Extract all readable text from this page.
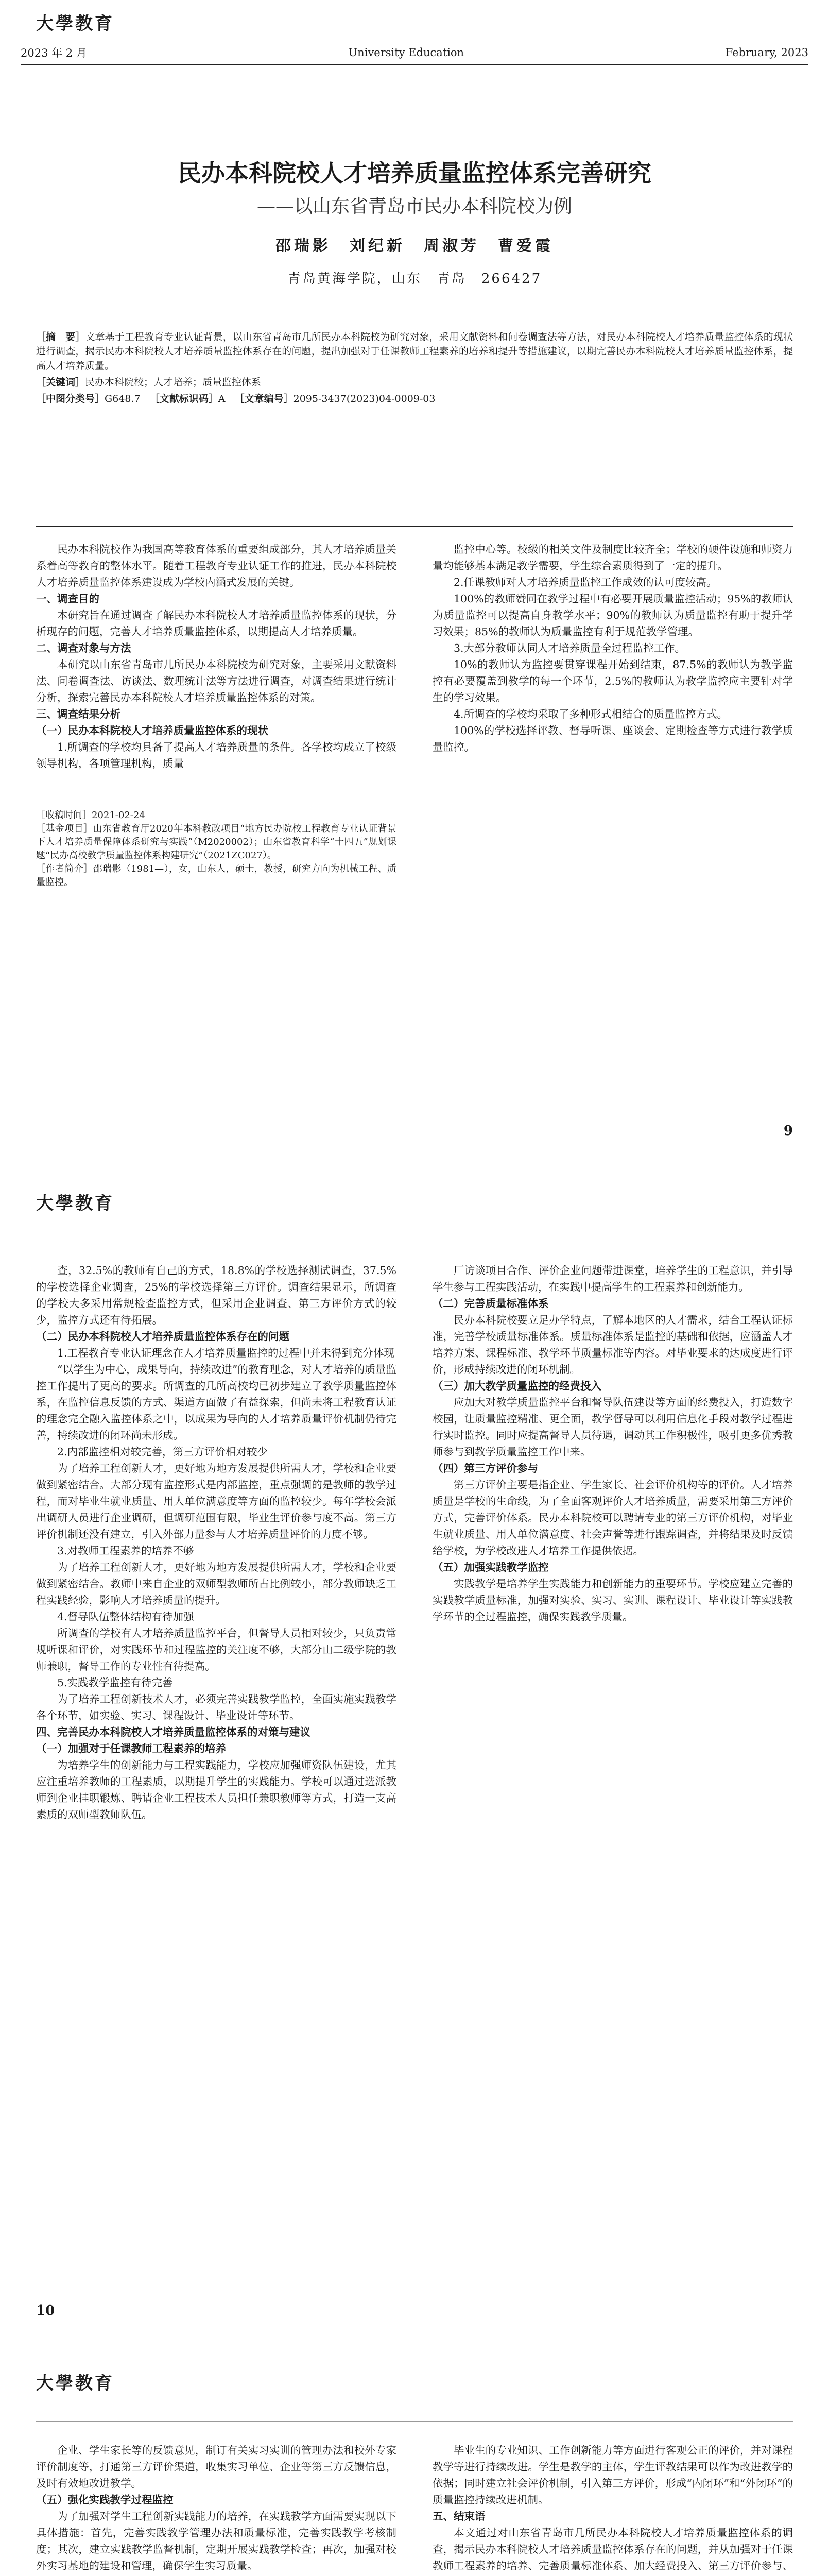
大學教育
2023 年 2 月	University Education	February, 2023
民办本科院校人才培养质量监控体系完善研究
——以山东省青岛市民办本科院校为例
邵瑞影　刘纪新　周淑芳　曹爱霞
青岛黄海学院，山东　青岛　266427

［摘　要］文章基于工程教育专业认证背景，以山东省青岛市几所民办本科院校为研究对象，采用文献资料和问卷调查法等方法，对民办本科院校人才培养质量监控体系的现状进行调查，揭示民办本科院校人才培养质量监控体系存在的问题，提出加强对于任课教师工程素养的培养和提升等措施建议，以期完善民办本科院校人才培养质量监控体系，提高人才培养质量。

［关键词］民办本科院校；人才培养；质量监控体系

［中图分类号］G648.7 ［文献标识码］A ［文章编号］2095-3437(2023)04-0009-03

民办本科院校作为我国高等教育体系的重要组成部分，其人才培养质量关系着高等教育的整体水平。随着工程教育专业认证工作的推进，民办本科院校人才培养质量监控体系建设成为学校内涵式发展的关键。

一、调查目的

本研究旨在通过调查了解民办本科院校人才培养质量监控体系的现状，分析现存的问题，完善人才培养质量监控体系，以期提高人才培养质量。

二、调查对象与方法

本研究以山东省青岛市几所民办本科院校为研究对象，主要采用文献资料法、问卷调查法、访谈法、数理统计法等方法进行调查，对调查结果进行统计分析，探索完善民办本科院校人才培养质量监控体系的对策。

三、调查结果分析

（一）民办本科院校人才培养质量监控体系的现状

1.所调查的学校均具备了提高人才培养质量的条件。各学校均成立了校级领导机构，各项管理机构，质量

监控中心等。校级的相关文件及制度比较齐全；学校的硬件设施和师资力量均能够基本满足教学需要，学生综合素质得到了一定的提升。

2.任课教师对人才培养质量监控工作成效的认可度较高。

100%的教师赞同在教学过程中有必要开展质量监控活动；95%的教师认为质量监控可以提高自身教学水平；90%的教师认为质量监控有助于提升学习效果；85%的教师认为质量监控有利于规范教学管理。

3.大部分教师认同人才培养质量全过程监控工作。

10%的教师认为监控要贯穿课程开始到结束，87.5%的教师认为教学监控有必要覆盖到教学的每一个环节，2.5%的教师认为教学监控应主要针对学生的学习效果。

4.所调查的学校均采取了多种形式相结合的质量监控方式。

100%的学校选择评教、督导听课、座谈会、定期检查等方式进行教学质量监控。

［收稿时间］2021-02-24

［基金项目］山东省教育厅2020年本科教改项目“地方民办院校工程教育专业认证背景下人才培养质量保障体系研究与实践”（M2020002）；山东省教育科学“十四五”规划课题“民办高校教学质量监控体系构建研究”（2021ZC027）。

［作者简介］邵瑞影（1981—），女，山东人，硕士，教授，研究方向为机械工程、质量监控。

9
大學教育

查，32.5%的教师有自己的方式，18.8%的学校选择测试调查，37.5%的学校选择企业调查，25%的学校选择第三方评价。调查结果显示，所调查的学校大多采用常规检查监控方式，但采用企业调查、第三方评价方式的较少，监控方式还有待拓展。

（二）民办本科院校人才培养质量监控体系存在的问题

1.工程教育专业认证理念在人才培养质量监控的过程中并未得到充分体现

“以学生为中心，成果导向，持续改进”的教育理念，对人才培养的质量监控工作提出了更高的要求。所调查的几所高校均已初步建立了教学质量监控体系，在监控信息反馈的方式、渠道方面做了有益探索，但尚未将工程教育认证的理念完全融入监控体系之中，以成果为导向的人才培养质量评价机制仍待完善，持续改进的闭环尚未形成。

2.内部监控相对较完善，第三方评价相对较少

为了培养工程创新人才，更好地为地方发展提供所需人才，学校和企业要做到紧密结合。大部分现有监控形式是内部监控，重点强调的是教师的教学过程，而对毕业生就业质量、用人单位满意度等方面的监控较少。每年学校会派出调研人员进行企业调研，但调研范围有限，毕业生评价参与度不高。第三方评价机制还没有建立，引入外部力量参与人才培养质量评价的力度不够。

3.对教师工程素养的培养不够

为了培养工程创新人才，更好地为地方发展提供所需人才，学校和企业要做到紧密结合。教师中来自企业的双师型教师所占比例较小，部分教师缺乏工程实践经验，影响人才培养质量的提升。

4.督导队伍整体结构有待加强

所调查的学校有人才培养质量监控平台，但督导人员相对较少，只负责常规听课和评价，对实践环节和过程监控的关注度不够，大部分由二级学院的教师兼职，督导工作的专业性有待提高。

5.实践教学监控有待完善

为了培养工程创新技术人才，必须完善实践教学监控，全面实施实践教学各个环节，如实验、实习、课程设计、毕业设计等环节。

四、完善民办本科院校人才培养质量监控体系的对策与建议

（一）加强对于任课教师工程素养的培养

为培养学生的创新能力与工程实践能力，学校应加强师资队伍建设，尤其应注重培养教师的工程素质，以期提升学生的实践能力。学校可以通过选派教师到企业挂职锻炼、聘请企业工程技术人员担任兼职教师等方式，打造一支高素质的双师型教师队伍。

厂访谈项目合作、评价企业问题带进课堂，培养学生的工程意识，并引导学生参与工程实践活动，在实践中提高学生的工程素养和创新能力。

（二）完善质量标准体系

民办本科院校要立足办学特点，了解本地区的人才需求，结合工程认证标准，完善学校质量标准体系。质量标准体系是监控的基础和依据，应涵盖人才培养方案、课程标准、教学环节质量标准等内容。对毕业要求的达成度进行评价，形成持续改进的闭环机制。

（三）加大教学质量监控的经费投入

应加大对教学质量监控平台和督导队伍建设等方面的经费投入，打造数字校园，让质量监控精准、更全面，教学督导可以利用信息化手段对教学过程进行实时监控。同时应提高督导人员待遇，调动其工作积极性，吸引更多优秀教师参与到教学质量监控工作中来。

（四）第三方评价参与

第三方评价主要是指企业、学生家长、社会评价机构等的评价。人才培养质量是学校的生命线，为了全面客观评价人才培养质量，需要采用第三方评价方式，完善评价体系。民办本科院校可以聘请专业的第三方评价机构，对毕业生就业质量、用人单位满意度、社会声誉等进行跟踪调查，并将结果及时反馈给学校，为学校改进人才培养工作提供依据。

（五）加强实践教学监控

实践教学是培养学生实践能力和创新能力的重要环节。学校应建立完善的实践教学质量标准，加强对实验、实习、实训、课程设计、毕业设计等实践教学环节的全过程监控，确保实践教学质量。

10
大學教育

企业、学生家长等的反馈意见，制订有关实习实训的管理办法和校外专家评价制度等，打通第三方评价渠道，收集实习单位、企业等第三方反馈信息，及时有效地改进教学。

（五）强化实践教学过程监控

为了加强对学生工程创新实践能力的培养，在实践教学方面需要实现以下具体措施：首先，完善实践教学管理办法和质量标准，完善实践教学考核制度；其次，建立实践教学监督机制，定期开展实践教学检查；再次，加强对校外实习基地的建设和管理，确保学生实习质量。

毕业生的专业知识、工作创新能力等方面进行客观公正的评价，并对课程教学等进行持续改进。学生是教学的主体，学生评教结果可以作为改进教学的依据；同时建立社会评价机制，引入第三方评价，形成“内闭环”和“外闭环”的质量监控持续改进机制。

五、结束语

本文通过对山东省青岛市几所民办本科院校人才培养质量监控体系的调查，揭示民办本科院校人才培养质量监控体系存在的问题，并从加强对于任课教师工程素养的培养、完善质量标准体系、加大经费投入、第三方评价参与、
